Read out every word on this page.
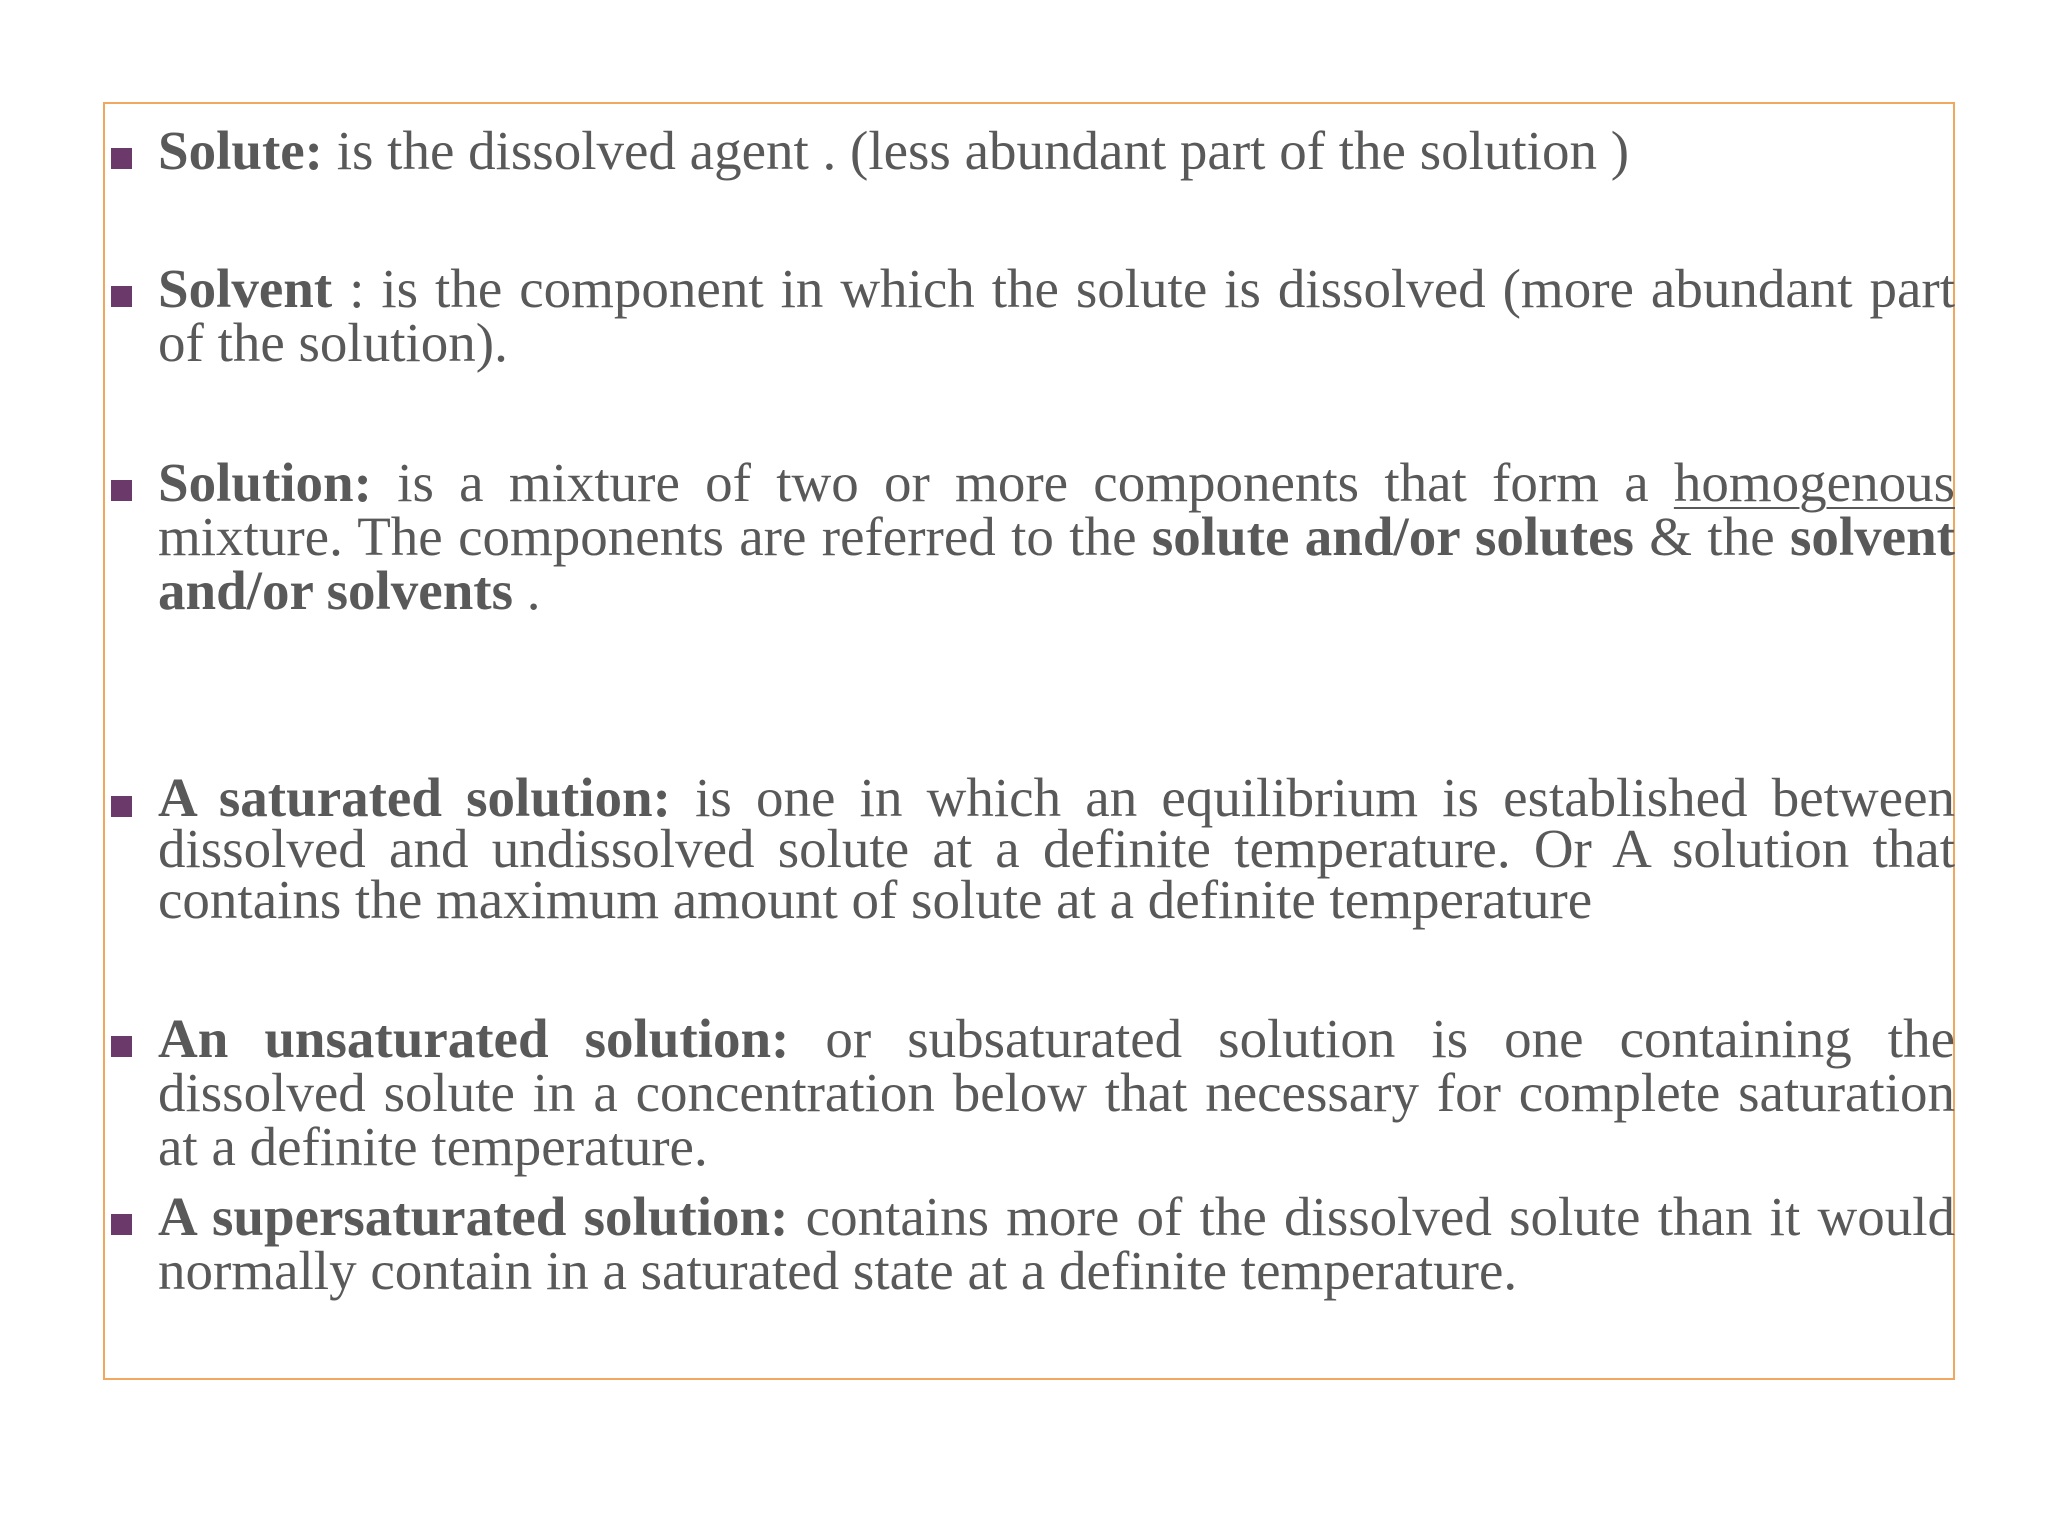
Solute: is the dissolved agent . (less abundant part of the solution )
Solvent : is the component in which the solute is dissolved (more abundant part of the solution).
Solution: is a mixture of two or more components that form a homogenous mixture. The components are referred to the solute and/or solutes & the solvent and/or solvents .
A saturated solution: is one in which an equilibrium is established between dissolved and undissolved solute at a definite temperature. Or A solution that contains the maximum amount of solute at a definite temperature
An unsaturated solution: or subsaturated solution is one containing the dissolved solute in a concentration below that necessary for complete saturation at a definite temperature.
A supersaturated solution: contains more of the dissolved solute than it would normally contain in a saturated state at a definite temperature.
